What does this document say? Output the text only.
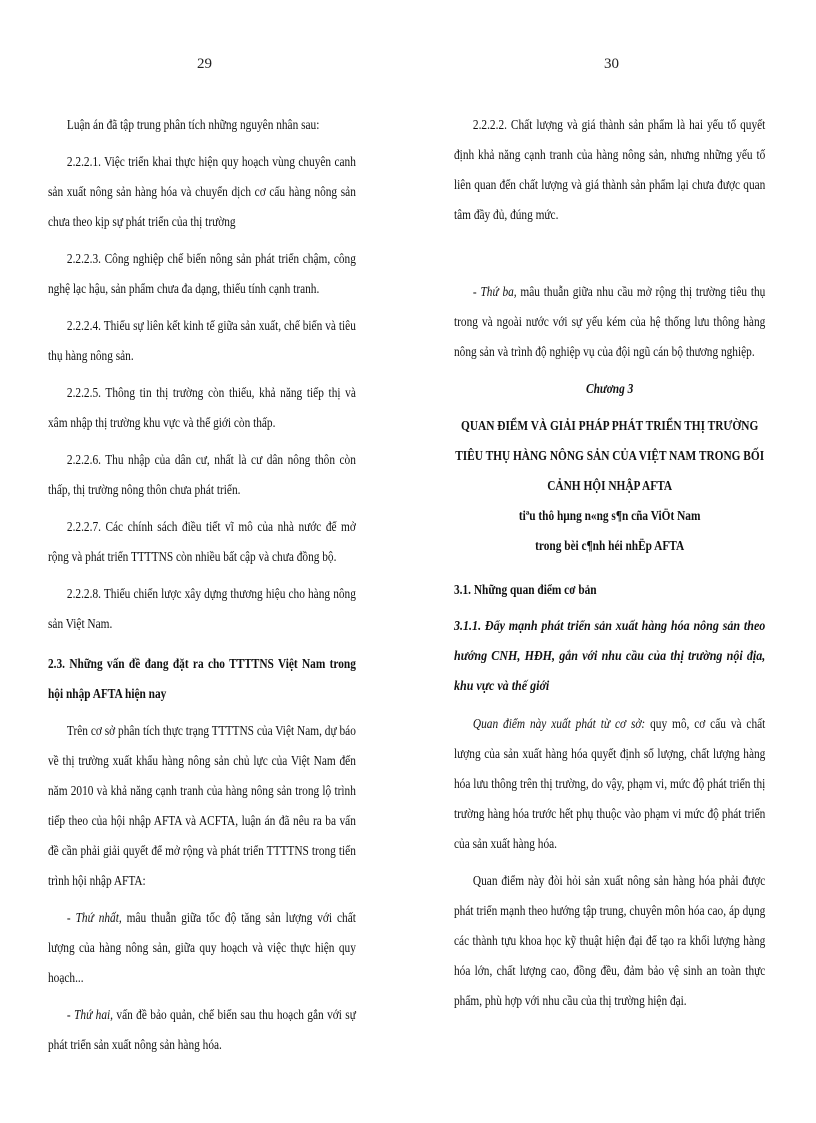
29	30

Luận án đã tập trung phân tích những nguyên nhân sau:

2.2.2.1. Việc triển khai thực hiện quy hoạch vùng chuyên canh sản xuất nông sản hàng hóa và chuyển dịch cơ cấu hàng nông sản chưa theo kịp sự phát triển của thị trường

2.2.2.3. Công nghiệp chế biến nông sản phát triển chậm, công nghệ lạc hậu, sản phẩm chưa đa dạng, thiếu tính cạnh tranh.

2.2.2.4. Thiếu sự liên kết kinh tế giữa sản xuất, chế biến và tiêu thụ hàng nông sản.

2.2.2.5. Thông tin thị trường còn thiếu, khả năng tiếp thị và xâm nhập thị trường khu vực và thế giới còn thấp.

2.2.2.6. Thu nhập của dân cư, nhất là cư dân nông thôn còn thấp, thị trường nông thôn chưa phát triển.

2.2.2.7. Các chính sách điều tiết vĩ mô của nhà nước để mở rộng và phát triển TTTTNS còn nhiều bất cập và chưa đồng bộ.

2.2.2.8. Thiếu chiến lược xây dựng thương hiệu cho hàng nông sản Việt Nam.

2.3. Những vấn đề đang đặt ra cho TTTTNS Việt Nam trong hội nhập AFTA hiện nay

Trên cơ sở phân tích thực trạng TTTTNS của Việt Nam, dự báo về thị trường xuất khẩu hàng nông sản chủ lực của Việt Nam đến năm 2010 và khả năng cạnh tranh của hàng nông sản trong lộ trình tiếp theo của hội nhập AFTA và ACFTA, luận án đã nêu ra ba vấn đề cần phải giải quyết để mở rộng và phát triển TTTTNS trong tiến trình hội nhập AFTA:

- Thứ nhất, mâu thuẫn giữa tốc độ tăng sản lượng với chất lượng của hàng nông sản, giữa quy hoạch và việc thực hiện quy hoạch...

- Thứ hai, vấn đề bảo quản, chế biến sau thu hoạch gắn với sự phát triển sản xuất nông sản hàng hóa.

2.2.2.2. Chất lượng và giá thành sản phẩm là hai yếu tố quyết định khả năng cạnh tranh của hàng nông sản, nhưng những yếu tố liên quan đến chất lượng và giá thành sản phẩm lại chưa được quan tâm đầy đủ, đúng mức.

- Thứ ba, mâu thuẫn giữa nhu cầu mở rộng thị trường tiêu thụ trong và ngoài nước với sự yếu kém của hệ thống lưu thông hàng nông sản và trình độ nghiệp vụ của đội ngũ cán bộ thương nghiệp.

Chương 3

QUAN ĐIỂM VÀ GIẢI PHÁP PHÁT TRIỂN THỊ TRƯỜNG
TIÊU THỤ HÀNG NÔNG SẢN CỦA VIỆT NAM TRONG BỐI
CẢNH HỘI NHẬP AFTA
tiªu thô hµng n«ng s¶n cña ViÖt Nam
trong bèi c¶nh héi nhËp AFTA

3.1. Những quan điểm cơ bản

3.1.1. Đẩy mạnh phát triển sản xuất hàng hóa nông sản theo hướng CNH, HĐH, gắn với nhu cầu của thị trường nội địa, khu vực và thế giới

Quan điểm này xuất phát từ cơ sở: quy mô, cơ cấu và chất lượng của sản xuất hàng hóa quyết định số lượng, chất lượng hàng hóa lưu thông trên thị trường, do vậy, phạm vi, mức độ phát triển thị trường hàng hóa trước hết phụ thuộc vào phạm vi mức độ phát triển của sản xuất hàng hóa.

Quan điểm này đòi hỏi sản xuất nông sản hàng hóa phải được phát triển mạnh theo hướng tập trung, chuyên môn hóa cao, áp dụng các thành tựu khoa học kỹ thuật hiện đại để tạo ra khối lượng hàng hóa lớn, chất lượng cao, đồng đều, đảm bảo vệ sinh an toàn thực phẩm, phù hợp với nhu cầu của thị trường hiện đại.
